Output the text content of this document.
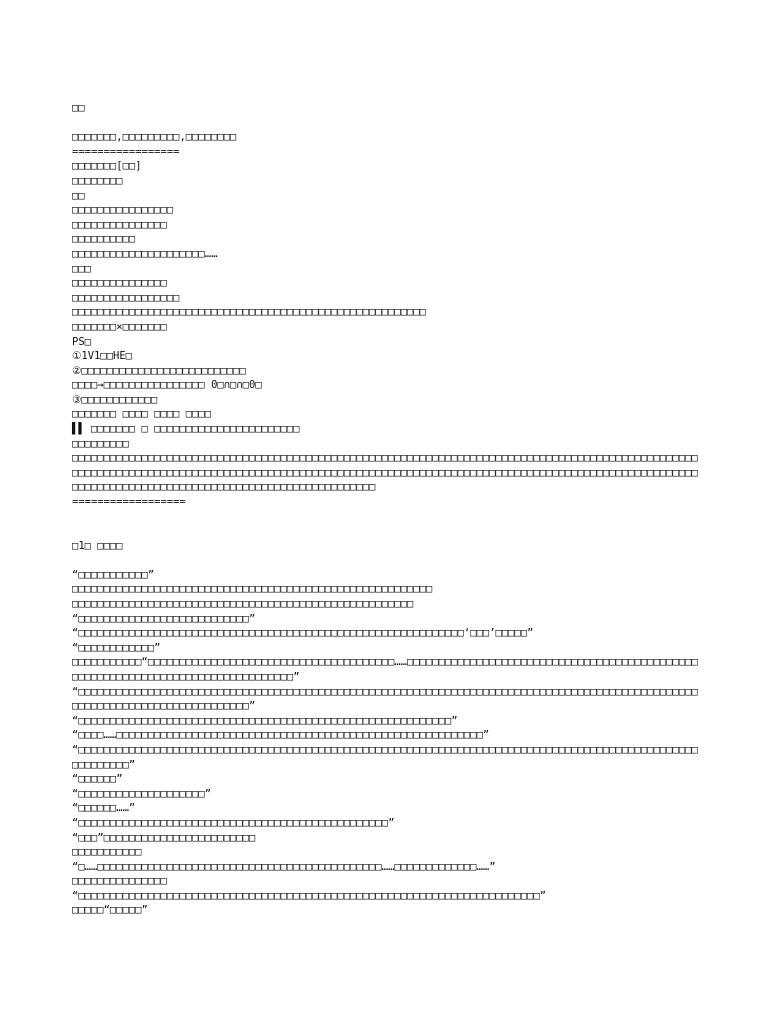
□□
□□□□□□□,□□□□□□□□□,□□□□□□□□
=================
□□□□□□□[□□]
□□□□□□□□
□□
□□□□□□□□□□□□□□□□
□□□□□□□□□□□□□□□
□□□□□□□□□□
□□□□□□□□□□□□□□□□□□□□□……
□□□
□□□□□□□□□□□□□□□
□□□□□□□□□□□□□□□□□
□□□□□□□□□□□□□□□□□□□□□□□□□□□□□□□□□□□□□□□□□□□□□□□□□□□□□□□□
□□□□□□□×□□□□□□□
PS□
①1V1□□HE□
②□□□□□□□□□□□□□□□□□□□□□□□□□□
□□□□→□□□□□□□□□□□□□□□□ 0□∩□∩□0□
③□□□□□□□□□□□□
□□□□□□□ □□□□ □□□□ □□□□
▌▌ □□□□□□□ □ □□□□□□□□□□□□□□□□□□□□□□□
□□□□□□□□□
□□□□□□□□□□□□□□□□□□□□□□□□□□□□□□□□□□□□□□□□□□□□□□□□□□□□□□□□□□□□□□□□□□□□□□□□□□□□□□□□□□□□□□□□□□□□□□□□□□□□□□□□□□□□□□□□□□□□□□□□□□□□□□□□□□□□□□□□□□□□□□□□□□□□□□□□□□□□□□□□□□□□□□□□□□□□□□□□□□□□□□□□□□□□□□□□□□□□□□□□□□□□□□□□□□□□□□□□□□□□□□□□□□□□□□□□□□□□□□□□□□□□□□
==================
□1□ □□□□
“□□□□□□□□□□□”
□□□□□□□□□□□□□□□□□□□□□□□□□□□□□□□□□□□□□□□□□□□□□□□□□□□□□□□□□
□□□□□□□□□□□□□□□□□□□□□□□□□□□□□□□□□□□□□□□□□□□□□□□□□□□□□□
“□□□□□□□□□□□□□□□□□□□□□□□□□□□”
“□□□□□□□□□□□□□□□□□□□□□□□□□□□□□□□□□□□□□□□□□□□□□□□□□□□□□□□□□□□□□‘□□□’□□□□□”
“□□□□□□□□□□□□”
□□□□□□□□□□□“□□□□□□□□□□□□□□□□□□□□□□□□□□□□□□□□□□□□□□□……□□□□□□□□□□□□□□□□□□□□□□□□□□□□□□□□□□□□□□□□□□□□□□□□□□□□□□□□□□□□□□□□□□□□□□□□□□□□□□□□□”
“□□□□□□□□□□□□□□□□□□□□□□□□□□□□□□□□□□□□□□□□□□□□□□□□□□□□□□□□□□□□□□□□□□□□□□□□□□□□□□□□□□□□□□□□□□□□□□□□□□□□□□□□□□□□□□□□□□□□□□□□□□□□□□”
“□□□□□□□□□□□□□□□□□□□□□□□□□□□□□□□□□□□□□□□□□□□□□□□□□□□□□□□□□□□”
“□□□□……□□□□□□□□□□□□□□□□□□□□□□□□□□□□□□□□□□□□□□□□□□□□□□□□□□□□□□□□□□”
“□□□□□□□□□□□□□□□□□□□□□□□□□□□□□□□□□□□□□□□□□□□□□□□□□□□□□□□□□□□□□□□□□□□□□□□□□□□□□□□□□□□□□□□□□□□□□□□□□□□□□□□□□□□”
“□□□□□□”
“□□□□□□□□□□□□□□□□□□□□”
“□□□□□□……”
“□□□□□□□□□□□□□□□□□□□□□□□□□□□□□□□□□□□□□□□□□□□□□□□□□”
“□□□”□□□□□□□□□□□□□□□□□□□□□□□□
□□□□□□□□□□□
“□……□□□□□□□□□□□□□□□□□□□□□□□□□□□□□□□□□□□□□□□□□□□□□……□□□□□□□□□□□□□……”
□□□□□□□□□□□□□□□
“□□□□□□□□□□□□□□□□□□□□□□□□□□□□□□□□□□□□□□□□□□□□□□□□□□□□□□□□□□□□□□□□□□□□□□□□□”
□□□□□“□□□□□”
